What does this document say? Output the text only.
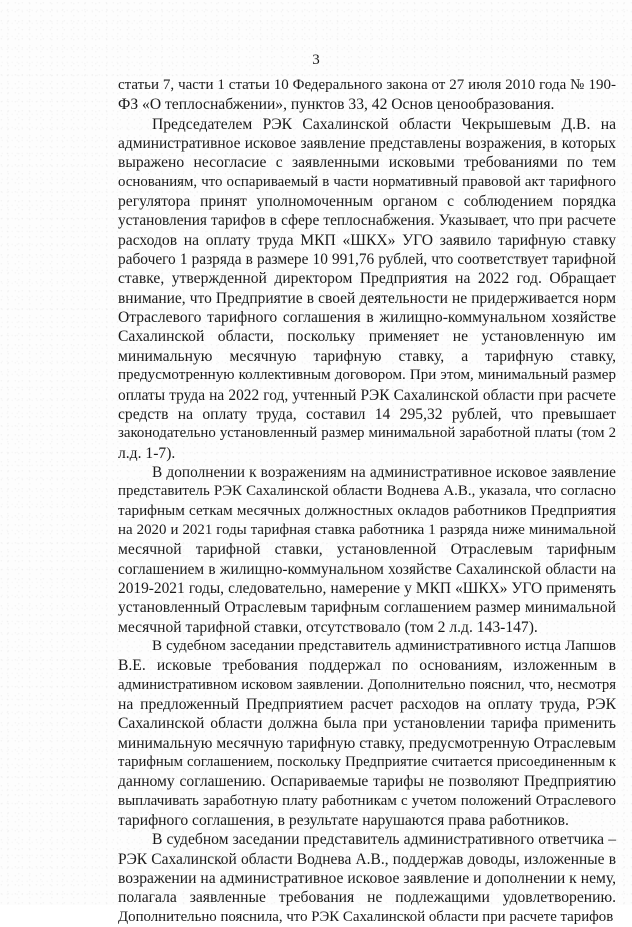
3
статьи 7, части 1 статьи 10 Федерального закона от 27 июля 2010 года № 190-
ФЗ «О теплоснабжении», пунктов 33, 42 Основ ценообразования.
Председателем РЭК Сахалинской области Чекрышевым Д.В. на
административное исковое заявление представлены возражения, в которых
выражено несогласие с заявленными исковыми требованиями по тем
основаниям, что оспариваемый в части нормативный правовой акт тарифного
регулятора принят уполномоченным органом с соблюдением порядка
установления тарифов в сфере теплоснабжения. Указывает, что при расчете
расходов на оплату труда МКП «ШКХ» УГО заявило тарифную ставку
рабочего 1 разряда в размере 10 991,76 рублей, что соответствует тарифной
ставке, утвержденной директором Предприятия на 2022 год. Обращает
внимание, что Предприятие в своей деятельности не придерживается норм
Отраслевого тарифного соглашения в жилищно-коммунальном хозяйстве
Сахалинской области, поскольку применяет не установленную им
минимальную месячную тарифную ставку, а тарифную ставку,
предусмотренную коллективным договором. При этом, минимальный размер
оплаты труда на 2022 год, учтенный РЭК Сахалинской области при расчете
средств на оплату труда, составил 14 295,32 рублей, что превышает
законодательно установленный размер минимальной заработной платы (том 2
л.д. 1-7).
В дополнении к возражениям на административное исковое заявление
представитель РЭК Сахалинской области Воднева А.В., указала, что согласно
тарифным сеткам месячных должностных окладов работников Предприятия
на 2020 и 2021 годы тарифная ставка работника 1 разряда ниже минимальной
месячной тарифной ставки, установленной Отраслевым тарифным
соглашением в жилищно-коммунальном хозяйстве Сахалинской области на
2019-2021 годы, следовательно, намерение у МКП «ШКХ» УГО применять
установленный Отраслевым тарифным соглашением размер минимальной
месячной тарифной ставки, отсутствовало (том 2 л.д. 143-147).
В судебном заседании представитель административного истца Лапшов
В.Е. исковые требования поддержал по основаниям, изложенным в
административном исковом заявлении. Дополнительно пояснил, что, несмотря
на предложенный Предприятием расчет расходов на оплату труда, РЭК
Сахалинской области должна была при установлении тарифа применить
минимальную месячную тарифную ставку, предусмотренную Отраслевым
тарифным соглашением, поскольку Предприятие считается присоединенным к
данному соглашению. Оспариваемые тарифы не позволяют Предприятию
выплачивать заработную плату работникам с учетом положений Отраслевого
тарифного соглашения, в результате нарушаются права работников.
В судебном заседании представитель административного ответчика –
РЭК Сахалинской области Воднева А.В., поддержав доводы, изложенные в
возражении на административное исковое заявление и дополнении к нему,
полагала заявленные требования не подлежащими удовлетворению.
Дополнительно пояснила, что РЭК Сахалинской области при расчете тарифов
